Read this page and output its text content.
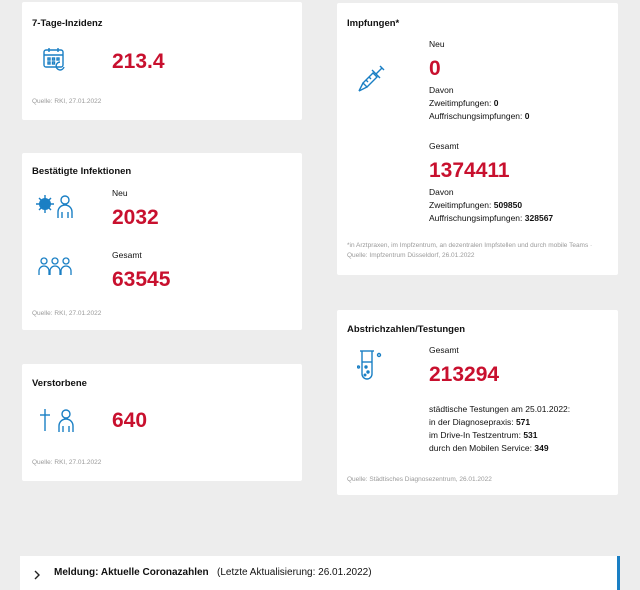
7-Tage-Inzidenz
213.4
Quelle: RKI, 27.01.2022
Bestätigte Infektionen
Neu
2032
Gesamt
63545
Quelle: RKI, 27.01.2022
Verstorbene
640
Quelle: RKI, 27.01.2022
Impfungen*
Neu
0
Davon
Zweitimpfungen: 0
Auffrischungsimpfungen: 0
Gesamt
1374411
Davon
Zweitimpfungen: 509850
Auffrischungsimpfungen: 328567
*in Arztpraxen, im Impfzentrum, an dezentralen Impfstellen und durch mobile Teams · Quelle: Impfzentrum Düsseldorf, 26.01.2022
Abstrichzahlen/Testungen
Gesamt
213294
städtische Testungen am 25.01.2022:
in der Diagnosepraxis: 571
im Drive-In Testzentrum: 531
durch den Mobilen Service: 349
Quelle: Städtisches Diagnosezentrum, 26.01.2022
Meldung: Aktuelle Coronazahlen (Letzte Aktualisierung: 26.01.2022)
